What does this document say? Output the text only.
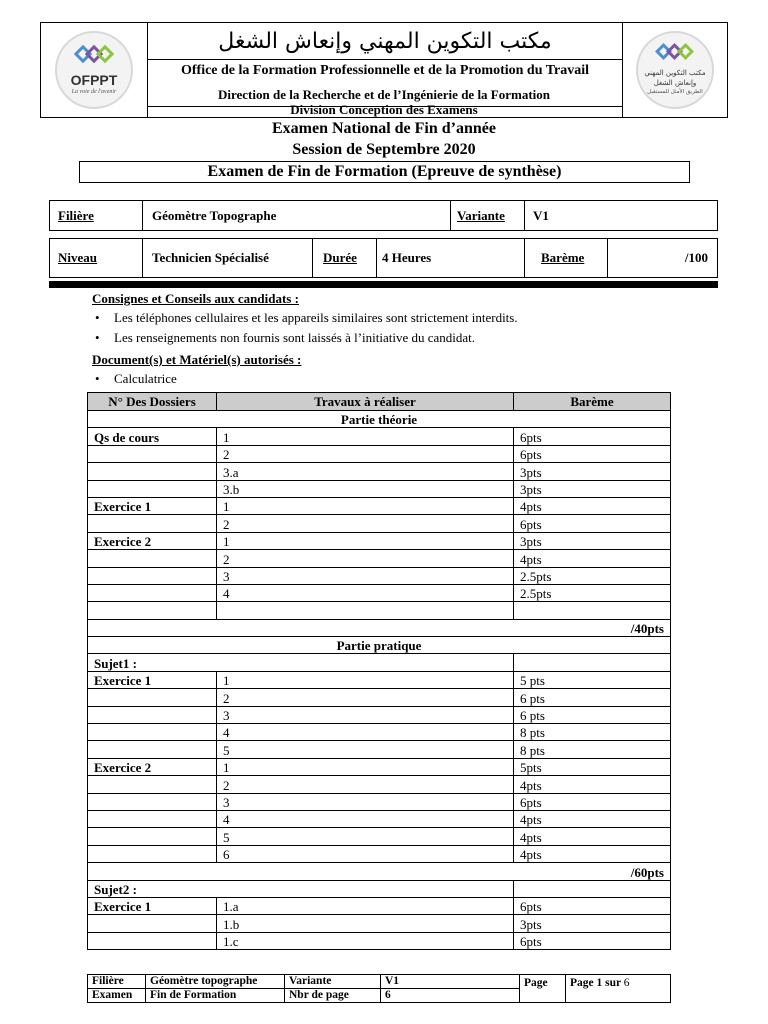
OFPPT
La voie de l'avenir
مكتب التكوين المهني وإنعاش الشغل
Office de la Formation Professionnelle et de la Promotion du Travail	مكتب التكوين المهني
وإنعاش الشغل
الطريق الأمثل للمستقبل
Direction de la Recherche et de l’Ingénierie de la Formation
Division Conception des Examens
Examen National de Fin d’année
Session de Septembre 2020
Examen de Fin de Formation (Epreuve de synthèse)
Filière	Géomètre Topographe	Variante V1
Niveau	Technicien Spécialisé	Durée 4 Heures	Barème	/100
Consignes et Conseils aux candidats :
• Les téléphones cellulaires et les appareils similaires sont strictement interdits.
• Les renseignements non fournis sont laissés à l’initiative du candidat.
Document(s) et Matériel(s) autorisés :
• Calculatrice
N° Des Dossiers	Travaux à réaliser	Barème
Partie théorie		
Qs de cours	1	6pts
	2	6pts
	3.a	3pts
	3.b	3pts
Exercice 1	1	4pts
	2	6pts
Exercice 2	1	3pts
	2	4pts
	3	2.5pts
	4	2.5pts

/40pts		
Partie pratique		
Sujet1 :		
Exercice 1	1	5 pts
	2	6 pts
	3	6 pts
	4	8 pts
	5	8 pts
Exercice 2	1	5pts
	2	4pts
	3	6pts
	4	4pts
	5	4pts
	6	4pts
/60pts		
Sujet2 :		
Exercice 1	1.a	6pts
	1.b	3pts
	1.c	6pts
Filière	Géomètre topographe	Variante	V1	Page	Page 1 sur 6
Examen	Fin de Formation	Nbr de page	6		
